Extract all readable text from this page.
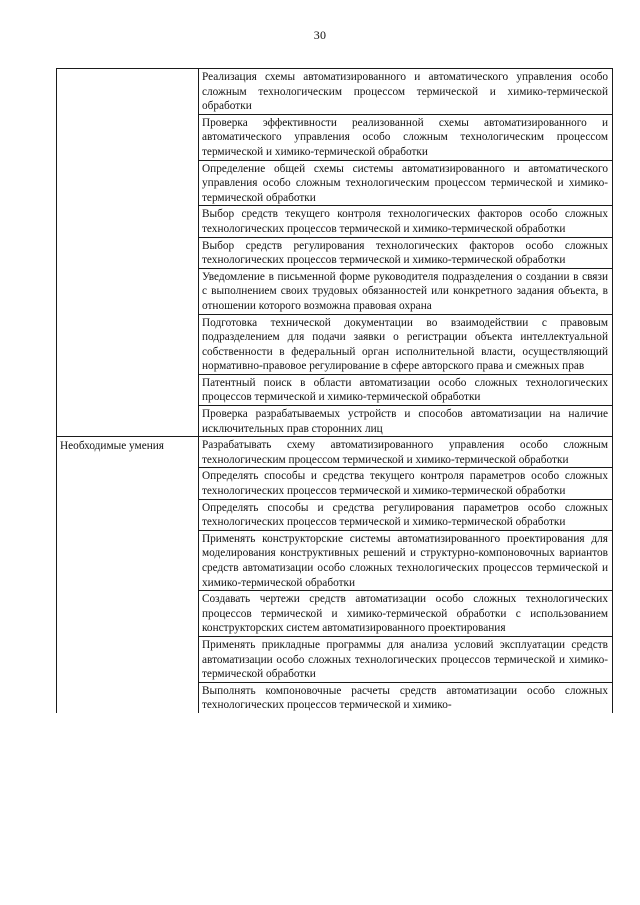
30
	Реализация схемы автоматизированного и автоматического управления особо сложным технологическим процессом термической и химико-термической обработки
	Проверка эффективности реализованной схемы автоматизированного и автоматического управления особо сложным технологическим процессом термической и химико-термической обработки
	Определение общей схемы системы автоматизированного и автоматического управления особо сложным технологическим процессом термической и химико-термической обработки
	Выбор средств текущего контроля технологических факторов особо сложных технологических процессов термической и химико-термической обработки
	Выбор средств регулирования технологических факторов особо сложных технологических процессов термической и химико-термической обработки
	Уведомление в письменной форме руководителя подразделения о создании в связи с выполнением своих трудовых обязанностей или конкретного задания объекта, в отношении которого возможна правовая охрана
	Подготовка технической документации во взаимодействии с правовым подразделением для подачи заявки о регистрации объекта интеллектуальной собственности в федеральный орган исполнительной власти, осуществляющий нормативно-правовое регулирование в сфере авторского права и смежных прав
	Патентный поиск в области автоматизации особо сложных технологических процессов термической и химико-термической обработки
	Проверка разрабатываемых устройств и способов автоматизации на наличие исключительных прав сторонних лиц
Необходимые умения	Разрабатывать схему автоматизированного управления особо сложным технологическим процессом термической и химико-термической обработки
	Определять способы и средства текущего контроля параметров особо сложных технологических процессов термической и химико-термической обработки
	Определять способы и средства регулирования параметров особо сложных технологических процессов термической и химико-термической обработки
	Применять конструкторские системы автоматизированного проектирования для моделирования конструктивных решений и структурно-компоновочных вариантов средств автоматизации особо сложных технологических процессов термической и химико-термической обработки
	Создавать чертежи средств автоматизации особо сложных технологических процессов термической и химико-термической обработки с использованием конструкторских систем автоматизированного проектирования
	Применять прикладные программы для анализа условий эксплуатации средств автоматизации особо сложных технологических процессов термической и химико-термической обработки
	Выполнять компоновочные расчеты средств автоматизации особо сложных технологических процессов термической и химико-
